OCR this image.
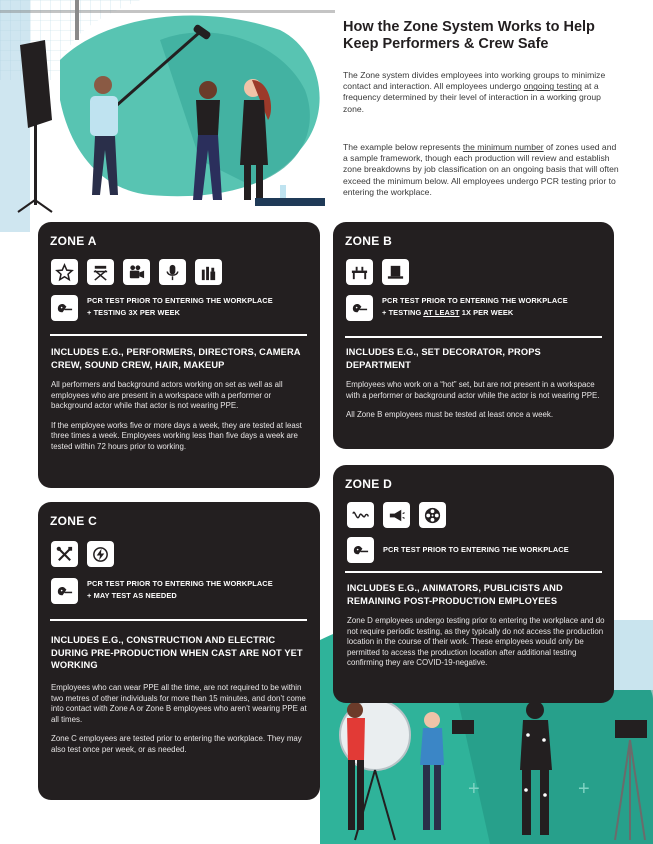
+	+
How the Zone System Works to Help Keep Performers & Crew Safe
The Zone system divides employees into working groups to minimize contact and interaction. All employees undergo ongoing testing at a frequency determined by their level of interaction in a working group zone.
The example below represents the minimum number of zones used and a sample framework, though each production will review and establish zone breakdowns by job classification on an ongoing basis that will often exceed the minimum below. All employees undergo PCR testing prior to entering the workplace.
ZONE A
PCR TEST PRIOR TO ENTERING THE WORKPLACE
+ TESTING 3X PER WEEK
INCLUDES E.G., PERFORMERS, DIRECTORS, CAMERA CREW, SOUND CREW, HAIR, MAKEUP

All performers and background actors working on set as well as all employees who are present in a workspace with a performer or background actor while that actor is not wearing PPE.

If the employee works five or more days a week, they are tested at least three times a week. Employees working less than five days a week are tested within 72 hours prior to working.

ZONE B
PCR TEST PRIOR TO ENTERING THE WORKPLACE
+ TESTING AT LEAST 1X PER WEEK
INCLUDES E.G., SET DECORATOR, PROPS DEPARTMENT

Employees who work on a “hot” set, but are not present in a workspace with a performer or background actor while the actor is not wearing PPE.

All Zone B employees must be tested at least once a week.

ZONE C
PCR TEST PRIOR TO ENTERING THE WORKPLACE
+ MAY TEST AS NEEDED
INCLUDES E.G., CONSTRUCTION AND ELECTRIC DURING PRE-PRODUCTION WHEN CAST ARE NOT YET WORKING

Employees who can wear PPE all the time, are not required to be within two metres of other individuals for more than 15 minutes, and don’t come into contact with Zone A or Zone B employees who aren’t wearing PPE at all times.

Zone C employees are tested prior to entering the workplace. They may also test once per week, or as needed.

ZONE D
PCR TEST PRIOR TO ENTERING THE WORKPLACE
INCLUDES E.G., ANIMATORS, PUBLICISTS AND REMAINING POST-PRODUCTION EMPLOYEES

Zone D employees undergo testing prior to entering the workplace and do not require periodic testing, as they typically do not access the production location in the course of their work. These employees would only be permitted to access the production location after additional testing confirming they are COVID-19-negative.
